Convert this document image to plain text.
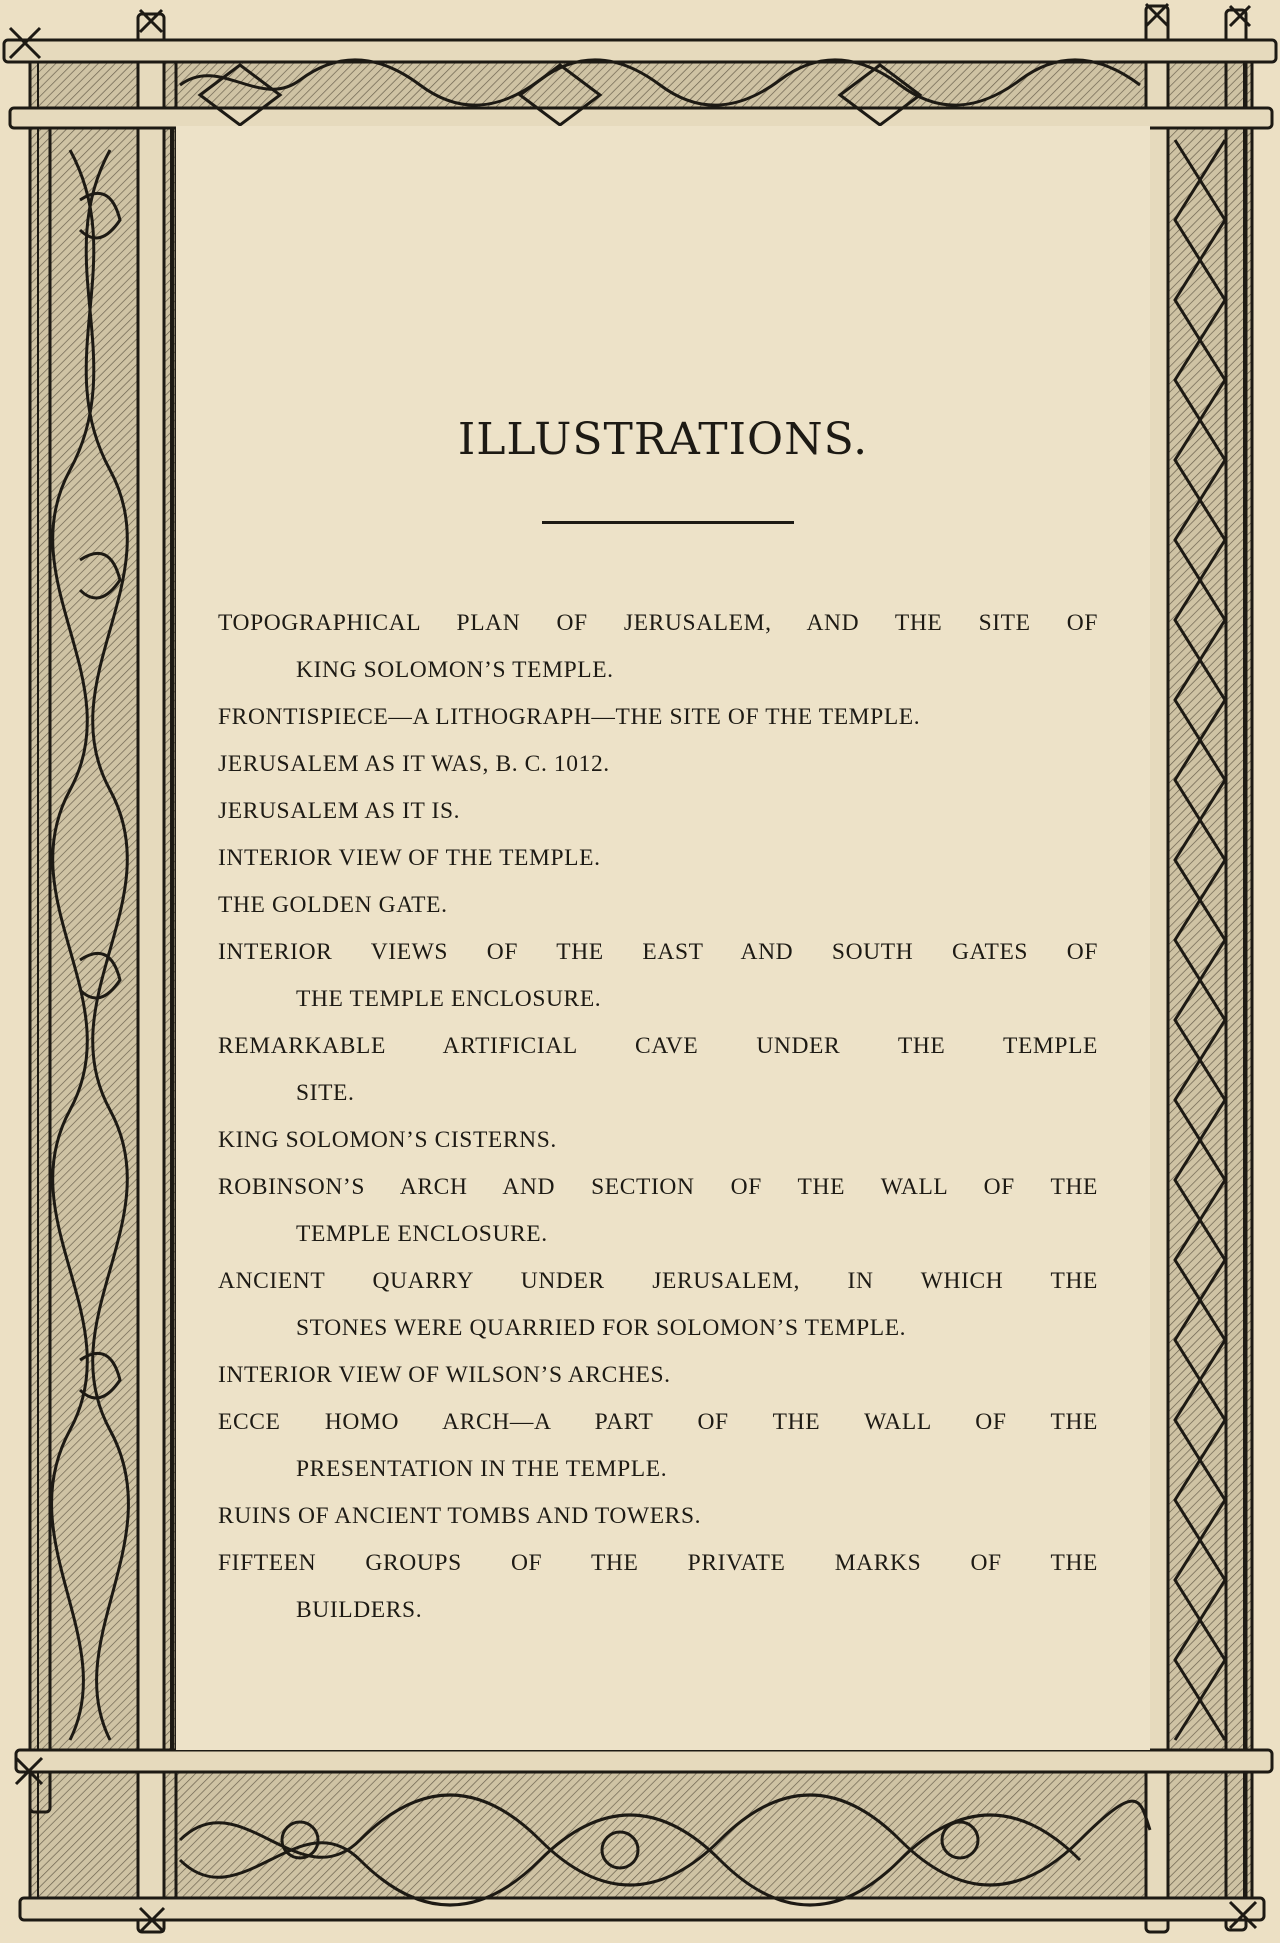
ILLUSTRATIONS.
TOPOGRAPHICAL PLAN OF JERUSALEM, AND THE SITE OF
KING SOLOMON’S TEMPLE.
FRONTISPIECE—A LITHOGRAPH—THE SITE OF THE TEMPLE.
JERUSALEM AS IT WAS, B. C. 1012.
JERUSALEM AS IT IS.
INTERIOR VIEW OF THE TEMPLE.
THE GOLDEN GATE.
INTERIOR VIEWS OF THE EAST AND SOUTH GATES OF
THE TEMPLE ENCLOSURE.
REMARKABLE ARTIFICIAL CAVE UNDER THE TEMPLE
SITE.
KING SOLOMON’S CISTERNS.
ROBINSON’S ARCH AND SECTION OF THE WALL OF THE
TEMPLE ENCLOSURE.
ANCIENT QUARRY UNDER JERUSALEM, IN WHICH THE
STONES WERE QUARRIED FOR SOLOMON’S TEMPLE.
INTERIOR VIEW OF WILSON’S ARCHES.
ECCE HOMO ARCH—A PART OF THE WALL OF THE
PRESENTATION IN THE TEMPLE.
RUINS OF ANCIENT TOMBS AND TOWERS.
FIFTEEN GROUPS OF THE PRIVATE MARKS OF THE
BUILDERS.
